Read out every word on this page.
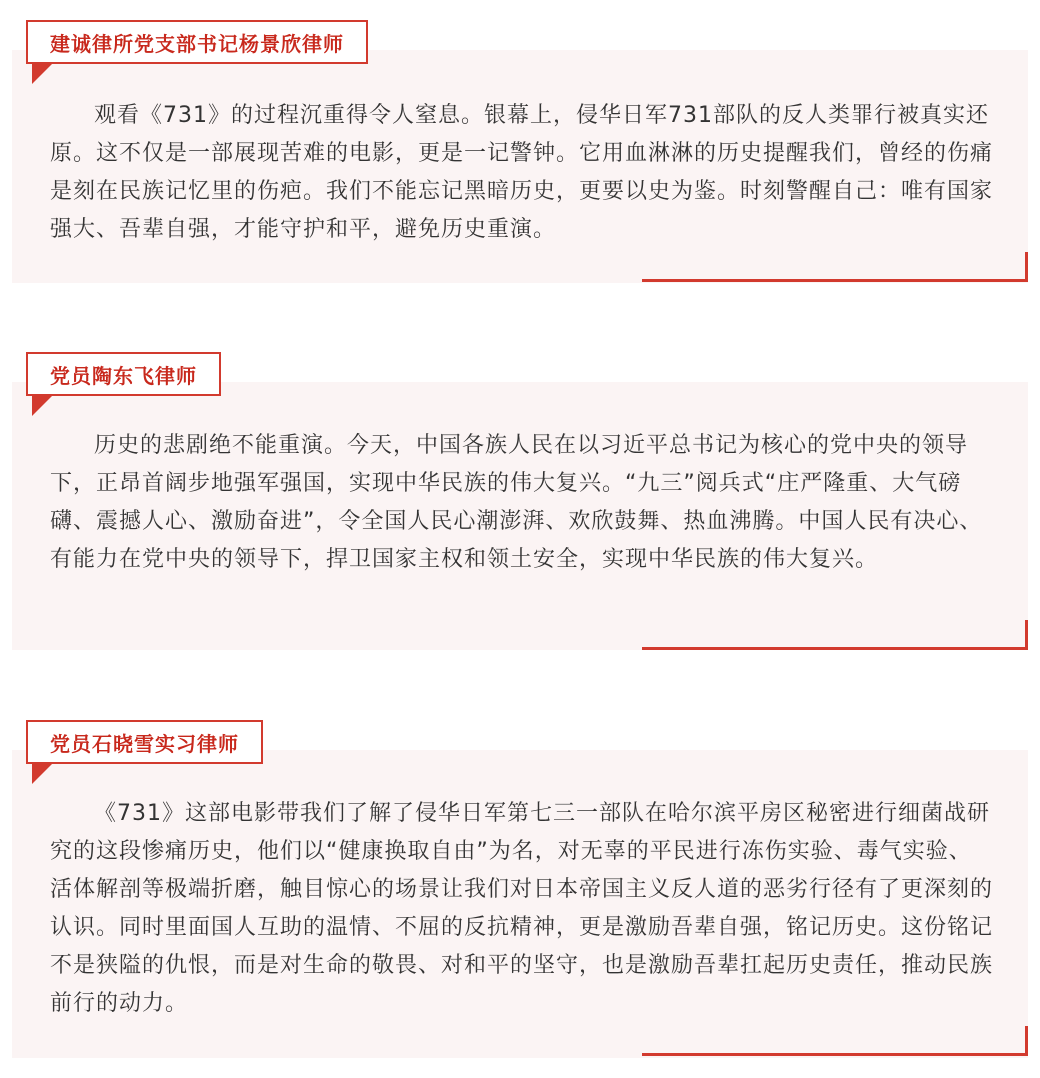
建诚律所党支部书记杨景欣律师

观看《731》的过程沉重得令人窒息。银幕上，侵华日军731部队的反人类罪行被真实还原。这不仅是一部展现苦难的电影，更是一记警钟。它用血淋淋的历史提醒我们，曾经的伤痛是刻在民族记忆里的伤疤。我们不能忘记黑暗历史，更要以史为鉴。时刻警醒自己：唯有国家强大、吾辈自强，才能守护和平，避免历史重演。

党员陶东飞律师

历史的悲剧绝不能重演。今天，中国各族人民在以习近平总书记为核心的党中央的领导下，正昂首阔步地强军强国，实现中华民族的伟大复兴。“九三”阅兵式“庄严隆重、大气磅礴、震撼人心、激励奋进”，令全国人民心潮澎湃、欢欣鼓舞、热血沸腾。中国人民有决心、有能力在党中央的领导下，捍卫国家主权和领土安全，实现中华民族的伟大复兴。

党员石晓雪实习律师

《731》这部电影带我们了解了侵华日军第七三一部队在哈尔滨平房区秘密进行细菌战研究的这段惨痛历史，他们以“健康换取自由”为名，对无辜的平民进行冻伤实验、毒气实验、活体解剖等极端折磨，触目惊心的场景让我们对日本帝国主义反人道的恶劣行径有了更深刻的认识。同时里面国人互助的温情、不屈的反抗精神，更是激励吾辈自强，铭记历史。这份铭记不是狭隘的仇恨，而是对生命的敬畏、对和平的坚守，也是激励吾辈扛起历史责任，推动民族前行的动力。
